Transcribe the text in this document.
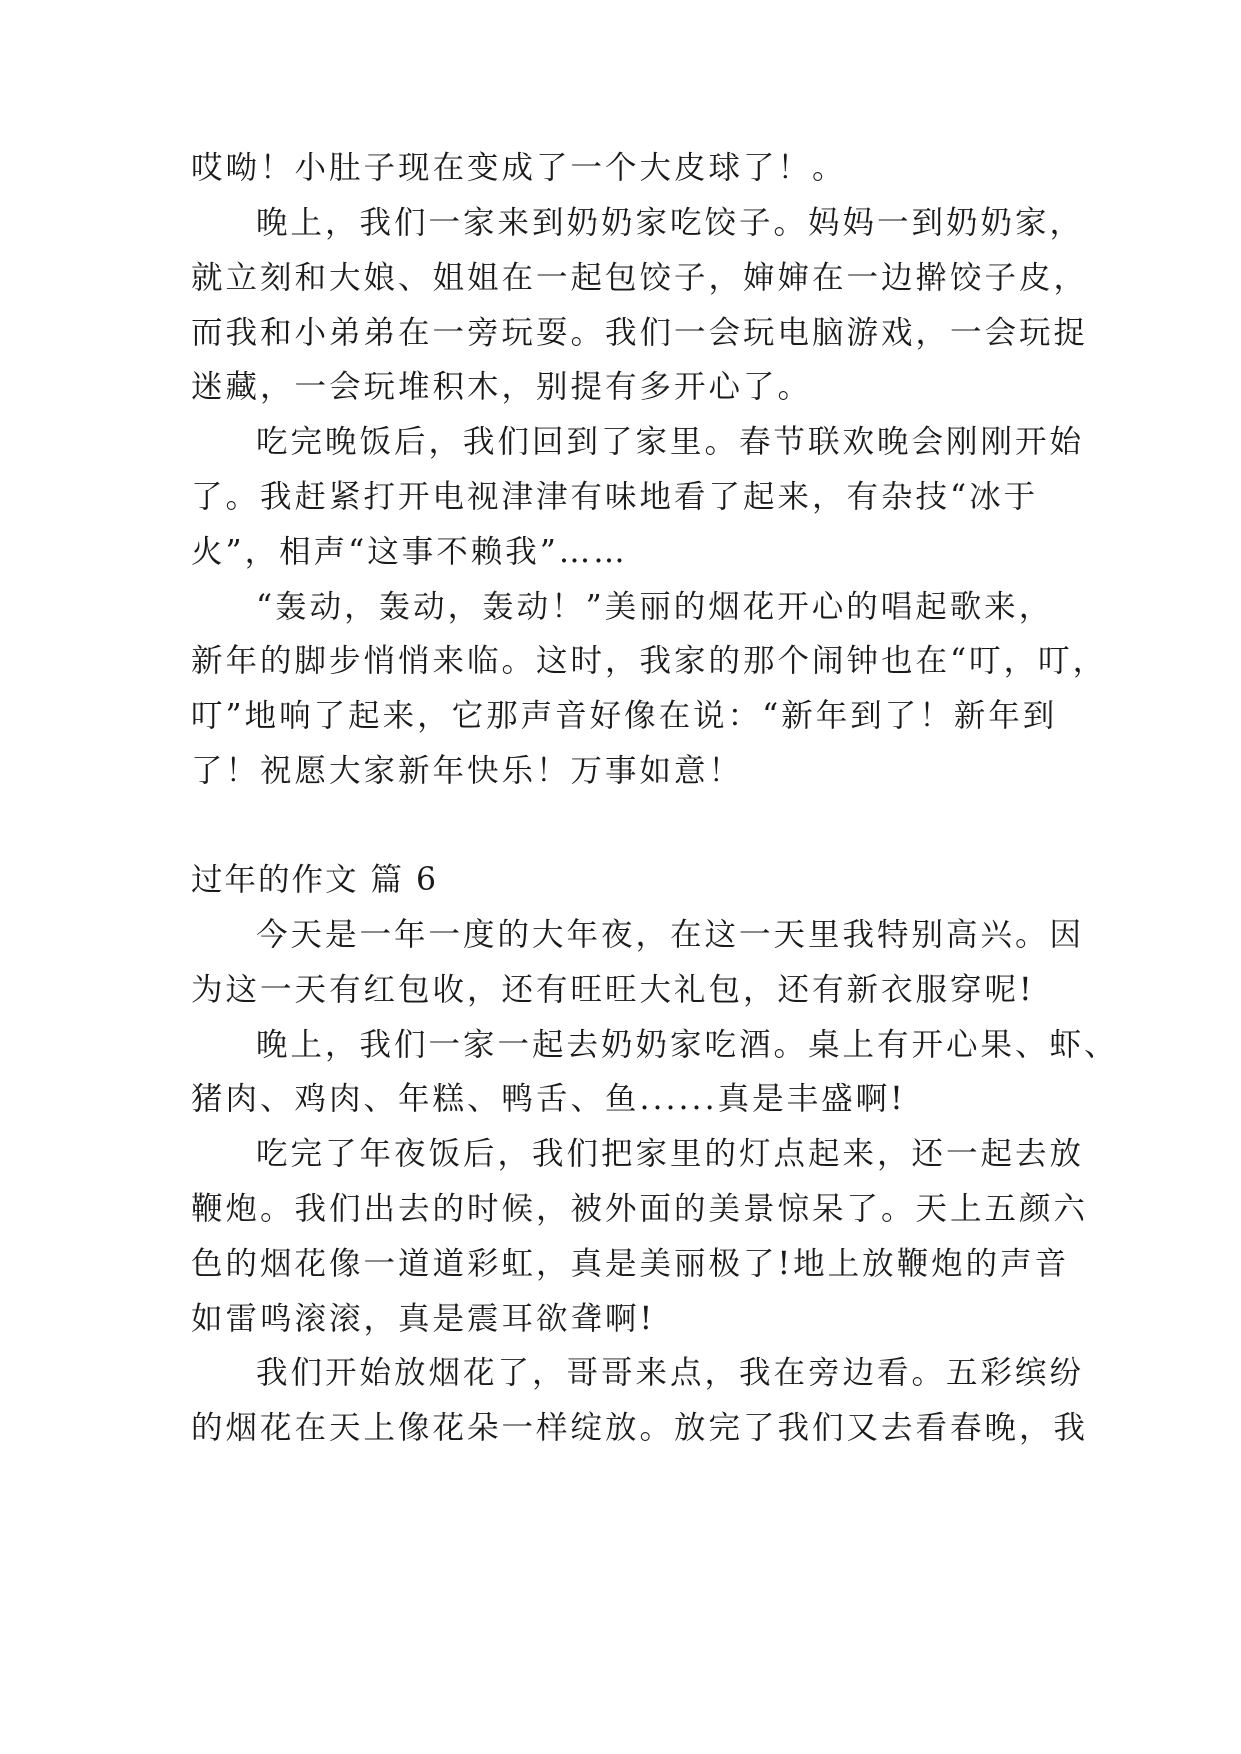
哎呦！小肚子现在变成了一个大皮球了！。
晚上，我们一家来到奶奶家吃饺子。妈妈一到奶奶家，
就立刻和大娘、姐姐在一起包饺子，婶婶在一边擀饺子皮，
而我和小弟弟在一旁玩耍。我们一会玩电脑游戏，一会玩捉
迷藏，一会玩堆积木，别提有多开心了。
吃完晚饭后，我们回到了家里。春节联欢晚会刚刚开始
了。我赶紧打开电视津津有味地看了起来，有杂技“冰于
火”，相声“这事不赖我”……
“轰动，轰动，轰动！”美丽的烟花开心的唱起歌来，
新年的脚步悄悄来临。这时，我家的那个闹钟也在“叮，叮，
叮”地响了起来，它那声音好像在说：“新年到了！新年到
了！祝愿大家新年快乐！万事如意！
过年的作文 篇 6
今天是一年一度的大年夜，在这一天里我特别高兴。因
为这一天有红包收，还有旺旺大礼包，还有新衣服穿呢!
晚上，我们一家一起去奶奶家吃酒。桌上有开心果、虾、
猪肉、鸡肉、年糕、鸭舌、鱼......真是丰盛啊!
吃完了年夜饭后，我们把家里的灯点起来，还一起去放
鞭炮。我们出去的时候，被外面的美景惊呆了。天上五颜六
色的烟花像一道道彩虹，真是美丽极了!地上放鞭炮的声音
如雷鸣滚滚，真是震耳欲聋啊!
我们开始放烟花了，哥哥来点，我在旁边看。五彩缤纷
的烟花在天上像花朵一样绽放。放完了我们又去看春晚，我
